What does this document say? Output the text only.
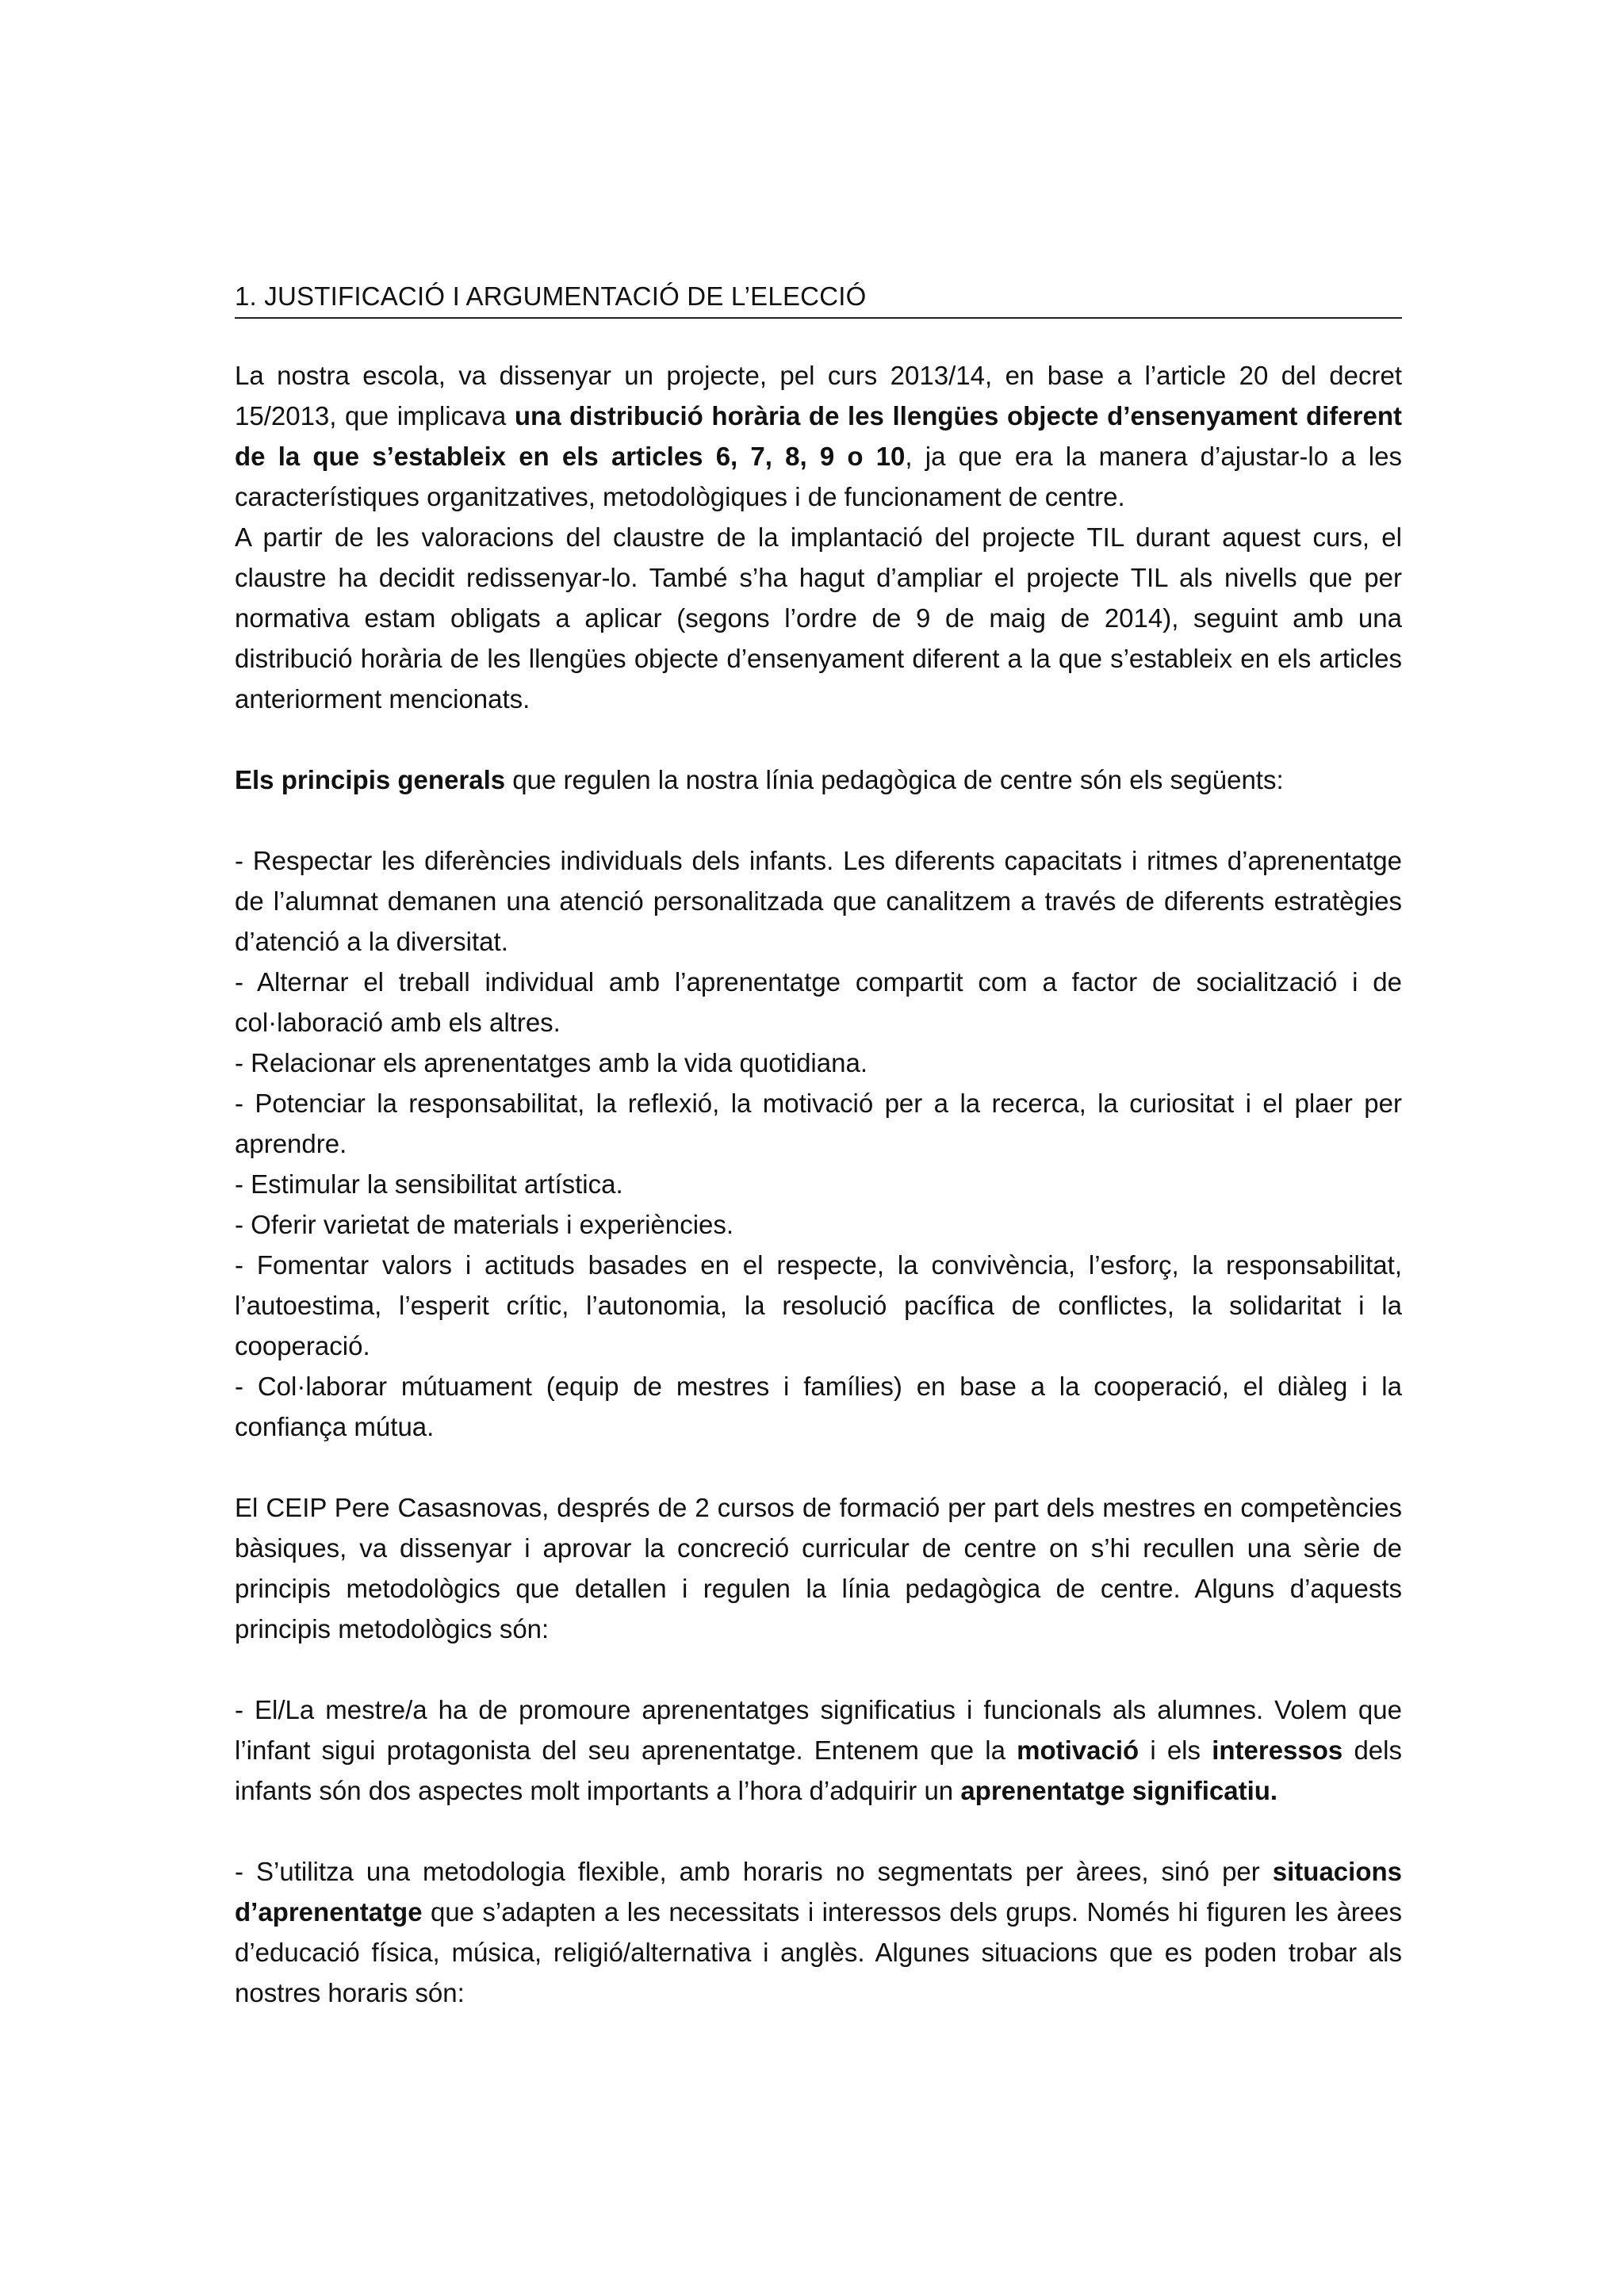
1. JUSTIFICACIÓ I ARGUMENTACIÓ DE L’ELECCIÓ

La nostra escola, va dissenyar un projecte, pel curs 2013/14, en base a l’article 20 del decret 15/2013, que implicava una distribució horària de les llengües objecte d’ensenyament diferent de la que s’estableix en els articles 6, 7, 8, 9 o 10, ja que era la manera d’ajustar-lo a les característiques organitzatives, metodològiques i de funcionament de centre.

A partir de les valoracions del claustre de la implantació del projecte TIL durant aquest curs, el claustre ha decidit redissenyar-lo. També s’ha hagut d’ampliar el projecte TIL als nivells que per normativa estam obligats a aplicar (segons l’ordre de 9 de maig de 2014), seguint amb una distribució horària de les llengües objecte d’ensenyament diferent a la que s’estableix en els articles anteriorment mencionats.

Els principis generals que regulen la nostra línia pedagògica de centre són els següents:

- Respectar les diferències individuals dels infants. Les diferents capacitats i ritmes d’aprenentatge de l’alumnat demanen una atenció personalitzada que canalitzem a través de diferents estratègies d’atenció a la diversitat.

- Alternar el treball individual amb l’aprenentatge compartit com a factor de socialització i de col·laboració amb els altres.

- Relacionar els aprenentatges amb la vida quotidiana.

- Potenciar la responsabilitat, la reflexió, la motivació per a la recerca, la curiositat i el plaer per aprendre.

- Estimular la sensibilitat artística.

- Oferir varietat de materials i experiències.

- Fomentar valors i actituds basades en el respecte, la convivència, l’esforç, la responsabilitat, l’autoestima, l’esperit crític, l’autonomia, la resolució pacífica de conflictes, la solidaritat i la cooperació.

- Col·laborar mútuament (equip de mestres i famílies) en base a la cooperació, el diàleg i la confiança mútua.

El CEIP Pere Casasnovas, després de 2 cursos de formació per part dels mestres en competències bàsiques, va dissenyar i aprovar la concreció curricular de centre on s’hi recullen una sèrie de principis metodològics que detallen i regulen la línia pedagògica de centre. Alguns d’aquests principis metodològics són:

- El/La mestre/a ha de promoure aprenentatges significatius i funcionals als alumnes. Volem que l’infant sigui protagonista del seu aprenentatge. Entenem que la motivació i els interessos dels infants són dos aspectes molt importants a l’hora d’adquirir un aprenentatge significatiu.

- S’utilitza una metodologia flexible, amb horaris no segmentats per àrees, sinó per situacions d’aprenentatge que s’adapten a les necessitats i interessos dels grups. Només hi figuren les àrees d’educació física, música, religió/alternativa i anglès. Algunes situacions que es poden trobar als nostres horaris són:
